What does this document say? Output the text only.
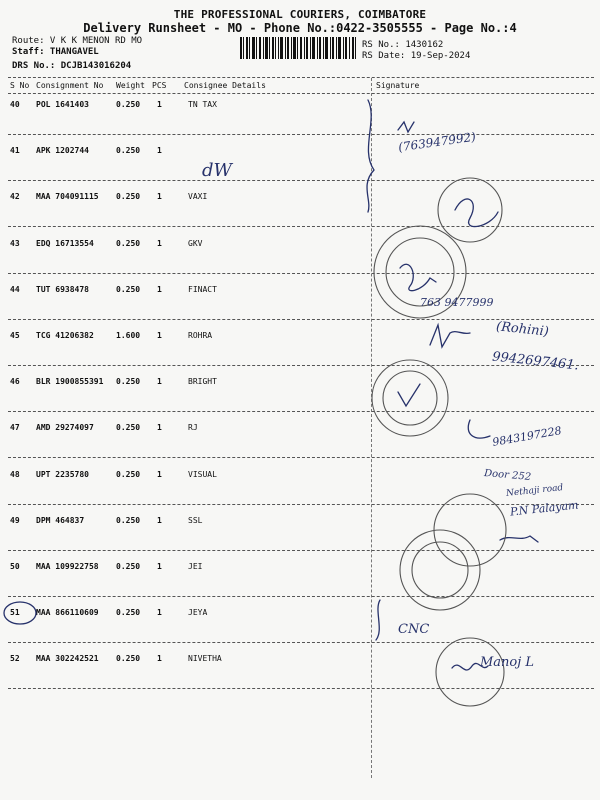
THE PROFESSIONAL COURIERS, COIMBATORE
Delivery Runsheet - MO - Phone No.:0422-3505555 - Page No.:4
Route: V K K MENON RD MO
Staff: THANGAVEL
DRS No.: DCJB143016204
RS No.: 1430162
RS Date: 19-Sep-2024
S No Consignment No Weight PCS Consignee Details	Signature
40 POL 1641403	0.250 1	TN TAX
41 APK 1202744	0.250 1
42 MAA 704091115 0.250 1	VAXI
43 EDQ 16713554	0.250 1	GKV
44 TUT 6938478	0.250 1	FINACT
45 TCG 41206382	1.600 1	ROHRA
46 BLR 1900855391 0.250 1	BRIGHT
47 AMD 29274097	0.250 1	RJ
48 UPT 2235780	0.250 1	VISUAL
49 DPM 464837	0.250 1	SSL
50 MAA 109922758 0.250 1	JEI
51 MAA 866110609 0.250 1	JEYA
52 MAA 302242521 0.250 1	NIVETHA
(763947992)
dW
763 9477999
(Rohini)
9942697461.
9843197228
Door 252
Nethaji road
P.N Palayam
CNC
Manoj L
